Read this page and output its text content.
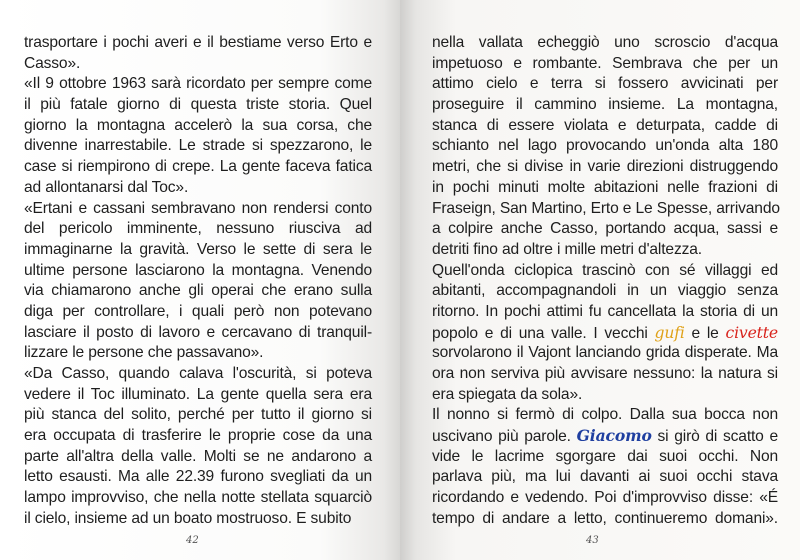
trasportare i pochi averi e il bestiame verso Erto e
Casso».
«Il 9 ottobre 1963 sarà ricordato per sempre come
il più fatale giorno di questa triste storia. Quel
giorno la montagna accelerò la sua corsa, che
divenne inarrestabile. Le strade si spezzarono, le
case si riempirono di crepe. La gente faceva fatica
ad allontanarsi dal Toc».
«Ertani e cassani sembravano non rendersi conto
del pericolo imminente, nessuno riusciva ad
immaginarne la gravità. Verso le sette di sera le
ultime persone lasciarono la montagna. Venendo
via chiamarono anche gli operai che erano sulla
diga per controllare, i quali però non potevano
lasciare il posto di lavoro e cercavano di tranquil-
lizzare le persone che passavano».
«Da Casso, quando calava l'oscurità, si poteva
vedere il Toc illuminato. La gente quella sera era
più stanca del solito, perché per tutto il giorno si
era occupata di trasferire le proprie cose da una
parte all'altra della valle. Molti se ne andarono a
letto esausti. Ma alle 22.39 furono svegliati da un
lampo improvviso, che nella notte stellata squarciò
il cielo, insieme ad un boato mostruoso. E subito
42	43
nella vallata echeggiò uno scroscio d'acqua
impetuoso e rombante. Sembrava che per un
attimo cielo e terra si fossero avvicinati per
proseguire il cammino insieme. La montagna,
stanca di essere violata e deturpata, cadde di
schianto nel lago provocando un'onda alta 180
metri, che si divise in varie direzioni distruggendo
in pochi minuti molte abitazioni nelle frazioni di
Fraseign, San Martino, Erto e Le Spesse, arrivando
a colpire anche Casso, portando acqua, sassi e
detriti fino ad oltre i mille metri d'altezza.
Quell'onda ciclopica trascinò con sé villaggi ed
abitanti, accompagnandoli in un viaggio senza
ritorno. In pochi attimi fu cancellata la storia di un
popolo e di una valle. I vecchi gufi e le civette
sorvolarono il Vajont lanciando grida disperate. Ma
ora non serviva più avvisare nessuno: la natura si
era spiegata da sola».
Il nonno si fermò di colpo. Dalla sua bocca non
uscivano più parole. Giacomo si girò di scatto e
vide le lacrime sgorgare dai suoi occhi. Non
parlava più, ma lui davanti ai suoi occhi stava
ricordando e vedendo. Poi d'improvviso disse: «É
tempo di andare a letto, continueremo domani».
